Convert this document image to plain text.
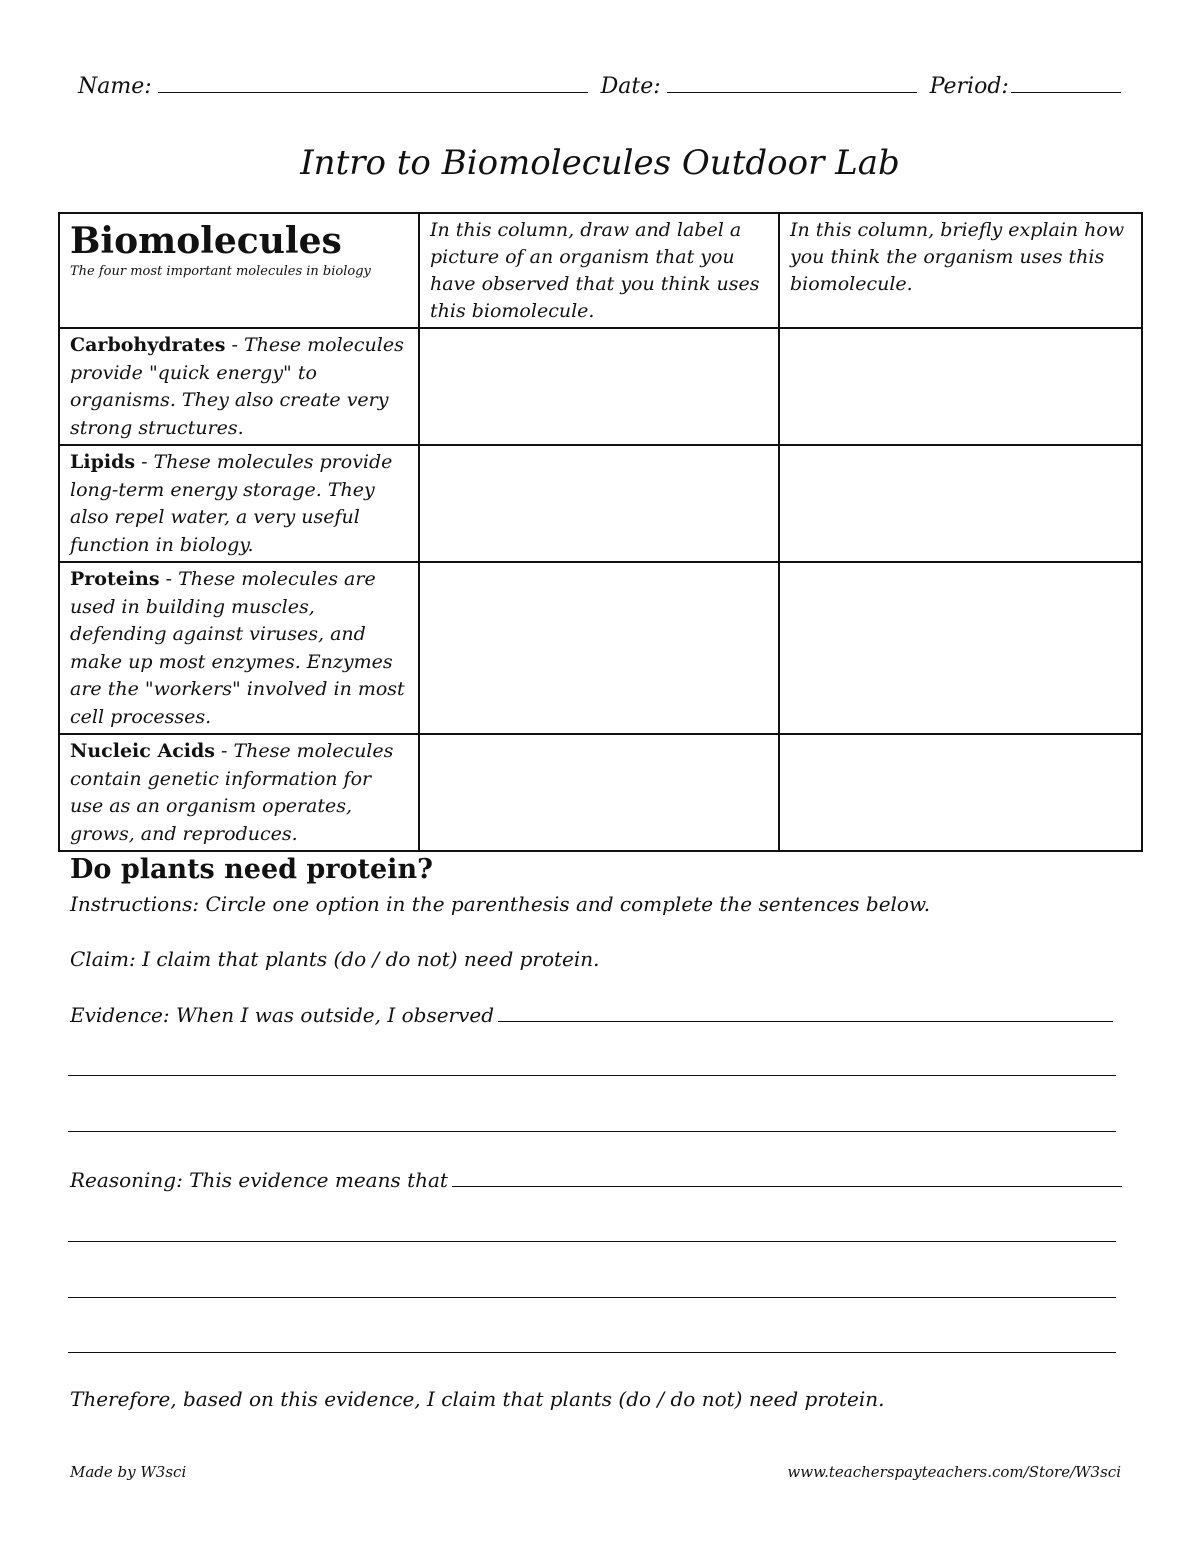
Name:	Date:	Period:
Intro to Biomolecules Outdoor Lab
Biomolecules
The four most important molecules in biology	In this column, draw and label a picture of an organism that you have observed that you think uses this biomolecule.	In this column, briefly explain how you think the organism uses this biomolecule.

Carbohydrates - These molecules provide "quick energy" to organisms. They also create very strong structures.		

Lipids - These molecules provide long-term energy storage. They also repel water, a very useful function in biology.		

Proteins - These molecules are used in building muscles, defending against viruses, and make up most enzymes. Enzymes are the "workers" involved in most cell processes.		

Nucleic Acids - These molecules contain genetic information for use as an organism operates, grows, and reproduces.		

Do plants need protein?
Instructions: Circle one option in the parenthesis and complete the sentences below.
Claim: I claim that plants (do / do not) need protein.
Evidence: When I was outside, I observed
Reasoning: This evidence means that
Therefore, based on this evidence, I claim that plants (do / do not) need protein.
Made by W3sci	www.teacherspayteachers.com/Store/W3sci
